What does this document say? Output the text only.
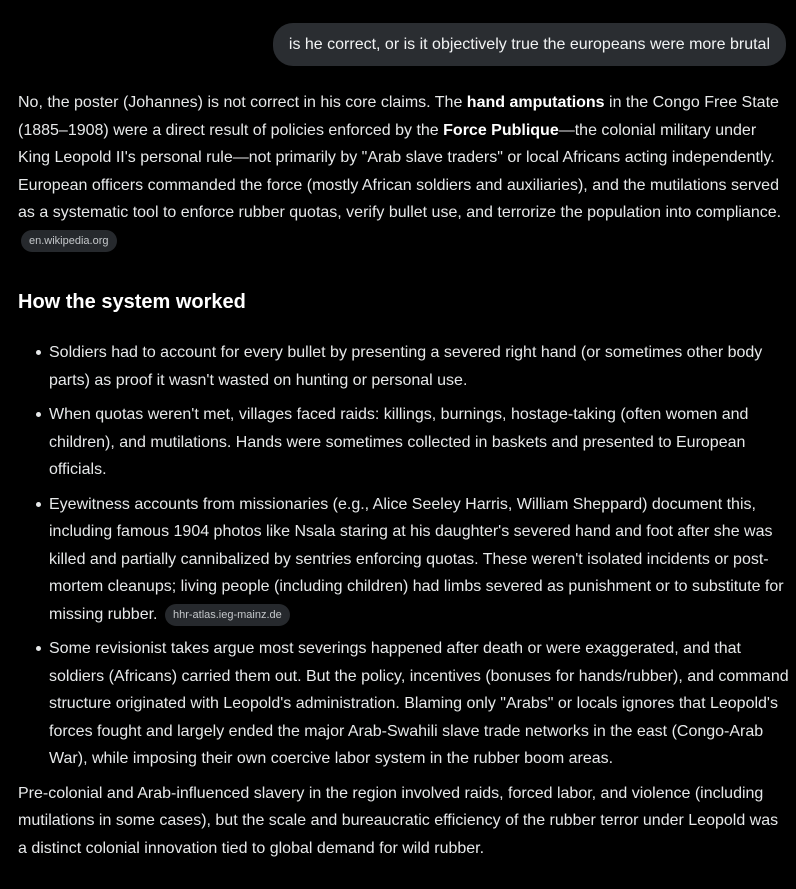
is he correct, or is it objectively true the europeans were more brutal

No, the poster (Johannes) is not correct in his core claims. The hand amputations in the Congo Free State (1885–1908) were a direct result of policies enforced by the Force Publique—the colonial military under King Leopold II's personal rule—not primarily by "Arab slave traders" or local Africans acting independently. European officers commanded the force (mostly African soldiers and auxiliaries), and the mutilations served as a systematic tool to enforce rubber quotas, verify bullet use, and terrorize the population into compliance. en.wikipedia.org

How the system worked
Soldiers had to account for every bullet by presenting a severed right hand (or sometimes other body parts) as proof it wasn't wasted on hunting or personal use.
When quotas weren't met, villages faced raids: killings, burnings, hostage-taking (often women and children), and mutilations. Hands were sometimes collected in baskets and presented to European officials.
Eyewitness accounts from missionaries (e.g., Alice Seeley Harris, William Sheppard) document this, including famous 1904 photos like Nsala staring at his daughter's severed hand and foot after she was killed and partially cannibalized by sentries enforcing quotas. These weren't isolated incidents or post-mortem cleanups; living people (including children) had limbs severed as punishment or to substitute for missing rubber. hhr-atlas.ieg-mainz.de
Some revisionist takes argue most severings happened after death or were exaggerated, and that soldiers (Africans) carried them out. But the policy, incentives (bonuses for hands/rubber), and command structure originated with Leopold's administration. Blaming only "Arabs" or locals ignores that Leopold's forces fought and largely ended the major Arab-Swahili slave trade networks in the east (Congo-Arab War), while imposing their own coercive labor system in the rubber boom areas.

Pre-colonial and Arab-influenced slavery in the region involved raids, forced labor, and violence (including mutilations in some cases), but the scale and bureaucratic efficiency of the rubber terror under Leopold was a distinct colonial innovation tied to global demand for wild rubber.
